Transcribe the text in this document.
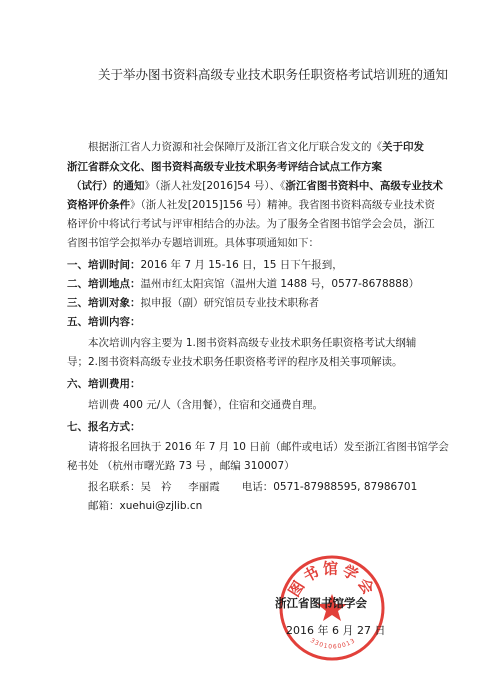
关于举办图书资料高级专业技术职务任职资格考试培训班的通知
根据浙江省人力资源和社会保障厅及浙江省文化厅联合发文的《关于印发
浙江省群众文化、图书资料高级专业技术职务考评结合试点工作方案
（试行）的通知》（浙人社发[2016]54 号）、《浙江省图书资料中、高级专业技术
资格评价条件》（浙人社发[2015]156 号）精神。我省图书资料高级专业技术资
格评价中将试行考试与评审相结合的办法。为了服务全省图书馆学会会员，浙江
省图书馆学会拟举办专题培训班。具体事项通知如下：
一、培训时间：2016 年 7 月 15-16 日，15 日下午报到，
二、培训地点：温州市红太阳宾馆（温州大道 1488 号，0577-8678888）
三、培训对象：拟申报（副）研究馆员专业技术职称者
五、培训内容：
本次培训内容主要为 1.图书资料高级专业技术职务任职资格考试大纲辅
导；2.图书资料高级专业技术职务任职资格考评的程序及相关事项解读。
六、培训费用：
培训费 400 元/人（含用餐），住宿和交通费自理。
七、报名方式：
请将报名回执于 2016 年 7 月 10 日前（邮件或电话）发至浙江省图书馆学会
秘书处 （杭州市曙光路 73 号 ，邮编 310007）
报名联系：吴   衿     李丽霞 电话：0571-87988595, 87986701
邮箱：xuehui@zjlib.cn
图书馆学会
3301060013
浙江省图书馆学会
2016 年 6 月 27 日
